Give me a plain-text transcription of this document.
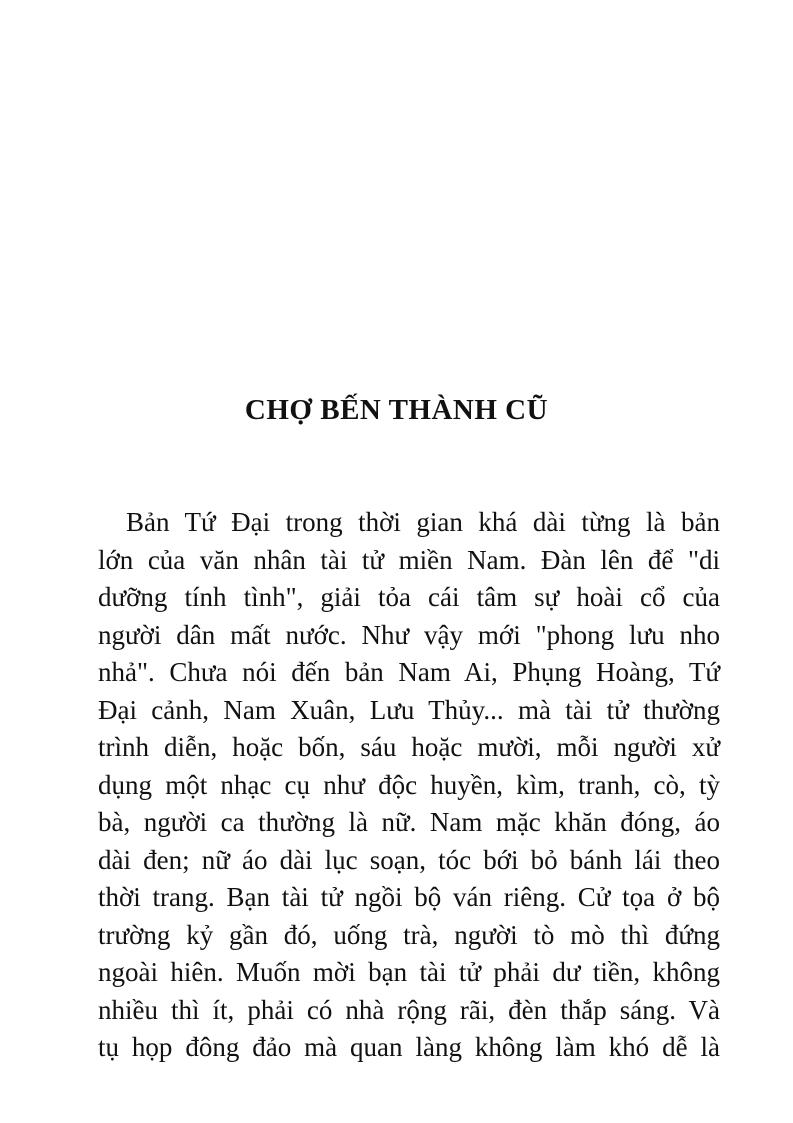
CHỢ BẾN THÀNH CŨ
Bản Tứ Đại trong thời gian khá dài từng là bản
lớn của văn nhân tài tử miền Nam. Đàn lên để "di
dưỡng tính tình", giải tỏa cái tâm sự hoài cổ của
người dân mất nước. Như vậy mới "phong lưu nho
nhả". Chưa nói đến bản Nam Ai, Phụng Hoàng, Tứ
Đại cảnh, Nam Xuân, Lưu Thủy... mà tài tử thường
trình diễn, hoặc bốn, sáu hoặc mười, mỗi người xử
dụng một nhạc cụ như độc huyền, kìm, tranh, cò, tỳ
bà, người ca thường là nữ. Nam mặc khăn đóng, áo
dài đen; nữ áo dài lục soạn, tóc bới bỏ bánh lái theo
thời trang. Bạn tài tử ngồi bộ ván riêng. Cử tọa ở bộ
trường kỷ gần đó, uống trà, người tò mò thì đứng
ngoài hiên. Muốn mời bạn tài tử phải dư tiền, không
nhiều thì ít, phải có nhà rộng rãi, đèn thắp sáng. Và
tụ họp đông đảo mà quan làng không làm khó dễ là
